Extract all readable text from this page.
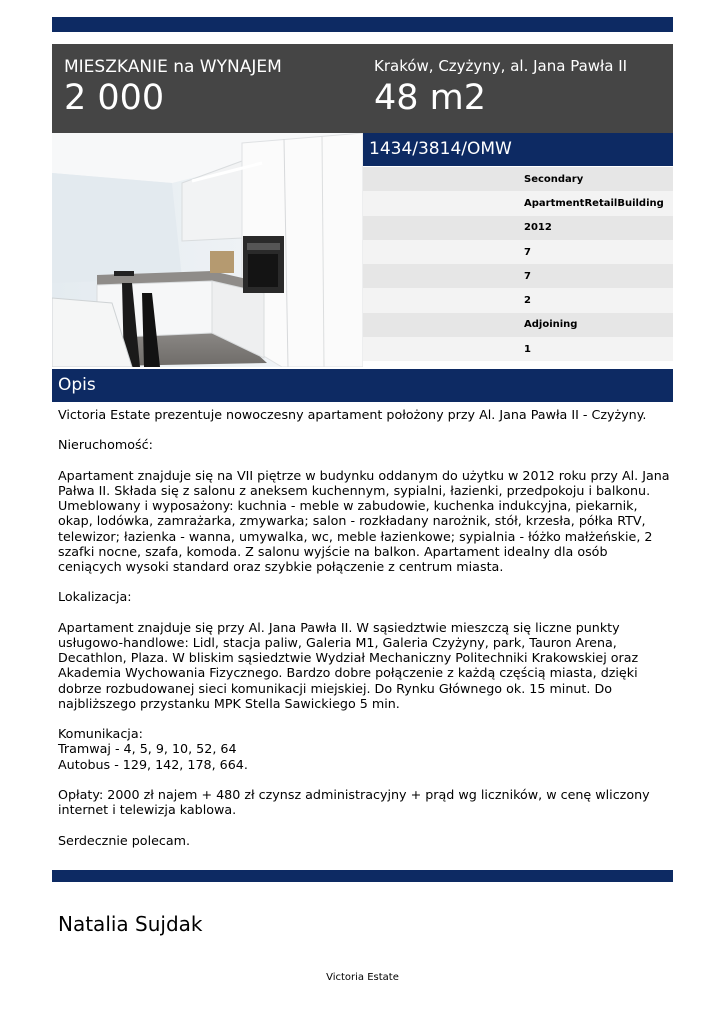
MIESZKANIE na WYNAJEM
2 000
Kraków, Czyżyny, al. Jana Pawła II
48 m2
1434/3814/OMW
Secondary
ApartmentRetailBuilding
2012
7
7
2
Adjoining
1
Opis

Victoria Estate prezentuje nowoczesny apartament położony przy Al. Jana Pawła II - Czyżyny.

Nieruchomość:

Apartament znajduje się na VII piętrze w budynku oddanym do użytku w 2012 roku przy Al. Jana Pałwa II. Składa się z salonu z aneksem kuchennym, sypialni, łazienki, przedpokoju i balkonu. Umeblowany i wyposażony: kuchnia - meble w zabudowie, kuchenka indukcyjna, piekarnik, okap, lodówka, zamrażarka, zmywarka; salon - rozkładany narożnik, stół, krzesła, półka RTV, telewizor; łazienka - wanna, umywalka, wc, meble łazienkowe; sypialnia - łóżko małżeńskie, 2 szafki nocne, szafa, komoda. Z salonu wyjście na balkon. Apartament idealny dla osób ceniących wysoki standard oraz szybkie połączenie z centrum miasta.

Lokalizacja:

Apartament znajduje się przy Al. Jana Pawła II. W sąsiedztwie mieszczą się liczne punkty usługowo-handlowe: Lidl, stacja paliw, Galeria M1, Galeria Czyżyny, park, Tauron Arena, Decathlon, Plaza. W bliskim sąsiedztwie Wydział Mechaniczny Politechniki Krakowskiej oraz Akademia Wychowania Fizycznego. Bardzo dobre połączenie z każdą częścią miasta, dzięki dobrze rozbudowanej sieci komunikacji miejskiej. Do Rynku Głównego ok. 15 minut. Do najbliższego przystanku MPK Stella Sawickiego 5 min.

Komunikacja:
Tramwaj - 4, 5, 9, 10, 52, 64
Autobus - 129, 142, 178, 664.

Opłaty: 2000 zł najem + 480 zł czynsz administracyjny + prąd wg liczników, w cenę wliczony internet i telewizja kablowa.

Serdecznie polecam.

Natalia Sujdak
Victoria Estate
